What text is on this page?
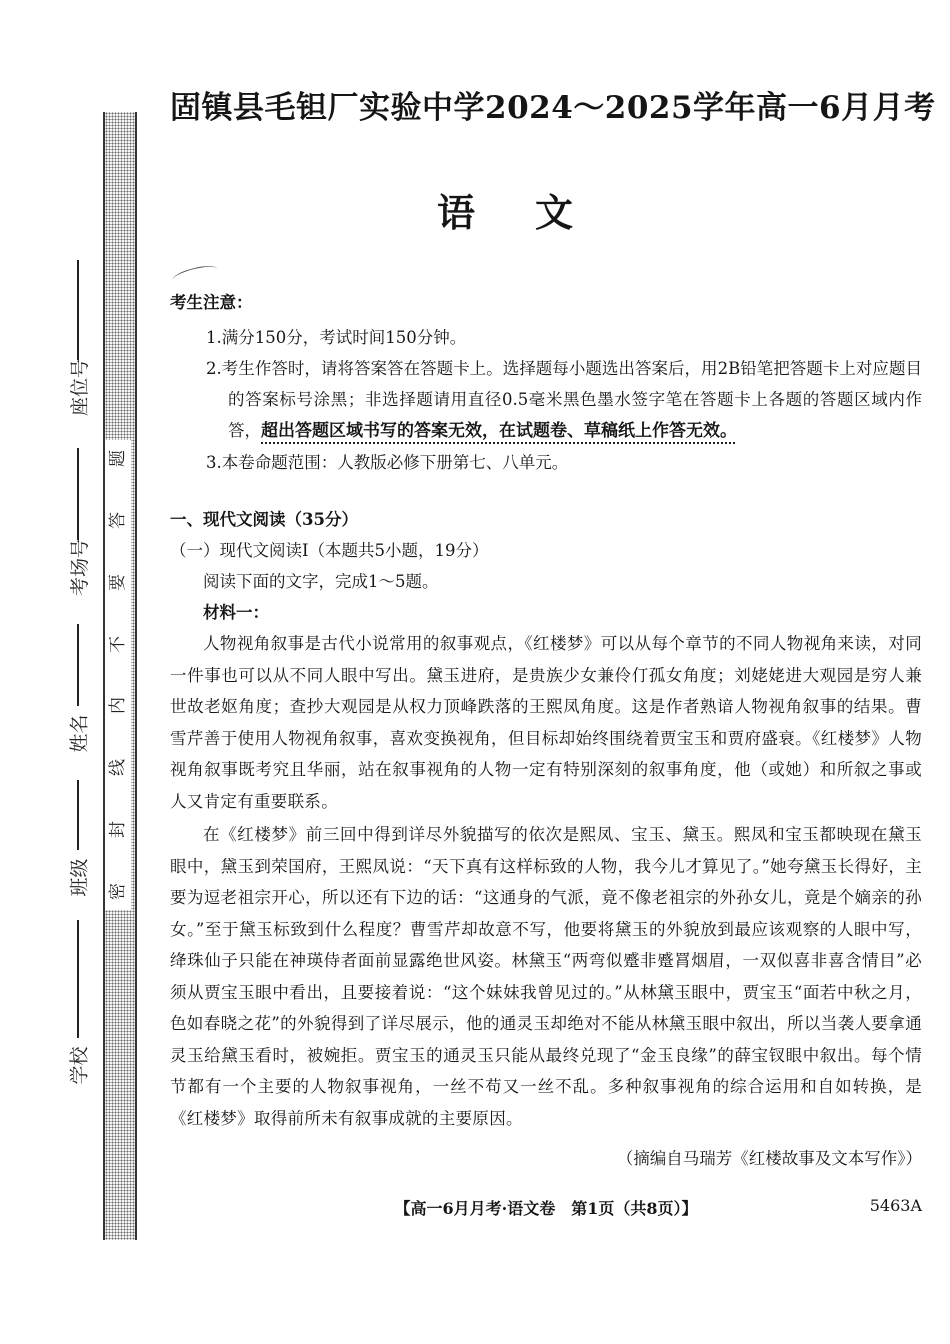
题
答
要
不
内
线
封
密
座位号
考场号
姓名
班级
学校
固镇县毛钽厂实验中学2024～2025学年高一6月月考
语文

考生注意：

1.满分150分，考试时间150分钟。

2.考生作答时，请将答案答在答题卡上。选择题每小题选出答案后，用2B铅笔把答题卡上对应题目的答案标号涂黑；非选择题请用直径0.5毫米黑色墨水签字笔在答题卡上各题的答题区域内作答，超出答题区域书写的答案无效，在试题卷、草稿纸上作答无效。

3.本卷命题范围：人教版必修下册第七、八单元。

一、现代文阅读（35分）

（一）现代文阅读Ⅰ（本题共5小题，19分）

阅读下面的文字，完成1～5题。

材料一：

人物视角叙事是古代小说常用的叙事观点，《红楼梦》可以从每个章节的不同人物视角来读，对同一件事也可以从不同人眼中写出。黛玉进府，是贵族少女兼伶仃孤女角度；刘姥姥进大观园是穷人兼世故老妪角度；查抄大观园是从权力顶峰跌落的王熙凤角度。这是作者熟谙人物视角叙事的结果。曹雪芹善于使用人物视角叙事，喜欢变换视角，但目标却始终围绕着贾宝玉和贾府盛衰。《红楼梦》人物视角叙事既考究且华丽，站在叙事视角的人物一定有特别深刻的叙事角度，他（或她）和所叙之事或人又肯定有重要联系。

在《红楼梦》前三回中得到详尽外貌描写的依次是熙凤、宝玉、黛玉。熙凤和宝玉都映现在黛玉眼中，黛玉到荣国府，王熙凤说：“天下真有这样标致的人物，我今儿才算见了。”她夸黛玉长得好，主要为逗老祖宗开心，所以还有下边的话：“这通身的气派，竟不像老祖宗的外孙女儿，竟是个嫡亲的孙女。”至于黛玉标致到什么程度？曹雪芹却故意不写，他要将黛玉的外貌放到最应该观察的人眼中写，绛珠仙子只能在神瑛侍者面前显露绝世风姿。林黛玉“两弯似蹙非蹙罥烟眉，一双似喜非喜含情目”必须从贾宝玉眼中看出，且要接着说：“这个妹妹我曾见过的。”从林黛玉眼中，贾宝玉“面若中秋之月，色如春晓之花”的外貌得到了详尽展示，他的通灵玉却绝对不能从林黛玉眼中叙出，所以当袭人要拿通灵玉给黛玉看时，被婉拒。贾宝玉的通灵玉只能从最终兑现了“金玉良缘”的薛宝钗眼中叙出。每个情节都有一个主要的人物叙事视角，一丝不苟又一丝不乱。多种叙事视角的综合运用和自如转换，是《红楼梦》取得前所未有叙事成就的主要原因。

（摘编自马瑞芳《红楼故事及文本写作》）

【高一6月月考·语文卷　第1页（共8页）】	5463A
